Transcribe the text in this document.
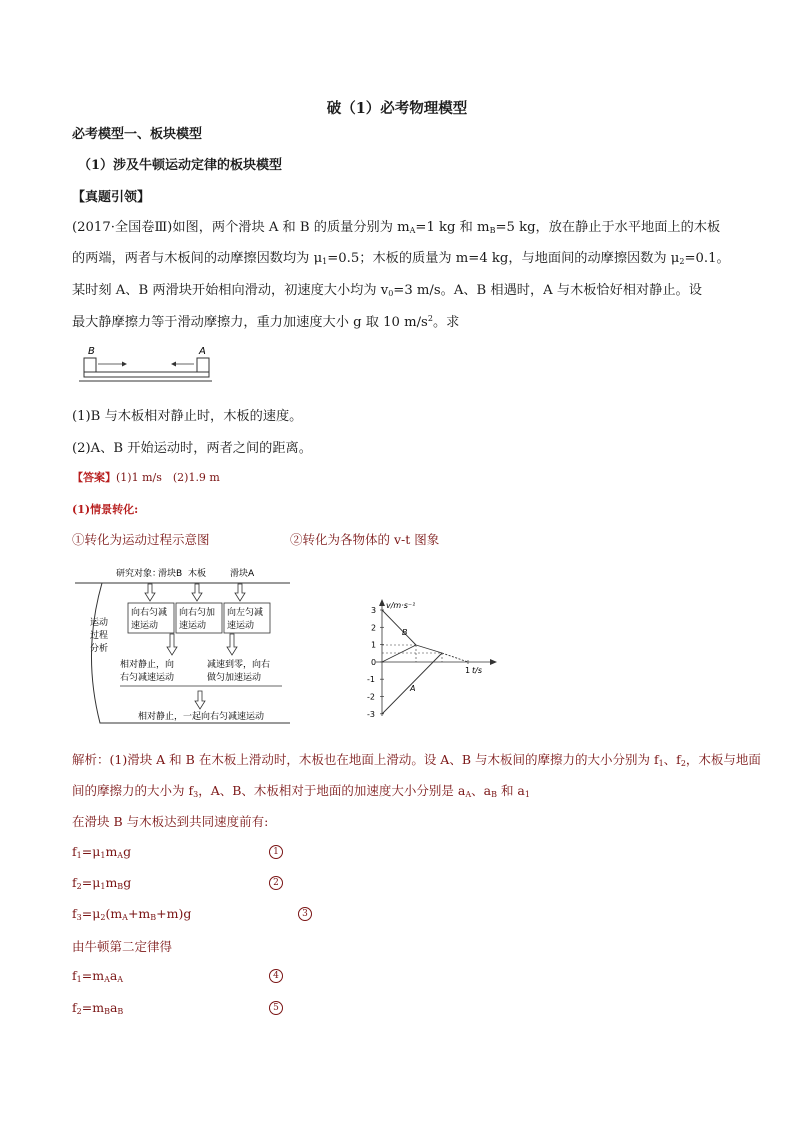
破（1）必考物理模型
必考模型一、板块模型
（1）涉及牛顿运动定律的板块模型
【真题引领】
(2017·全国卷Ⅲ)如图，两个滑块 A 和 B 的质量分别为 $m_A=1$ kg 和 $m_B=5$ kg，放在静止于水平地面上的木板
的两端，两者与木板间的动摩擦因数均为 $\mu_1=0.5$；木板的质量为 m=4 kg，与地面间的动摩擦因数为 $\mu_2=0.1$。
某时刻 A、B 两滑块开始相向滑动，初速度大小均为 $v_0=3$ m/s。A、B 相遇时，A 与木板恰好相对静止。设
最大静摩擦力等于滑动摩擦力，重力加速度大小 g 取 10 $m/s^2$。求
B	A
(1)B 与木板相对静止时，木板的速度。
(2)A、B 开始运动时，两者之间的距离。
【答案】(1)1 m/s　(2)1.9 m
(1)情景转化:
①转化为运动过程示意图	②转化为各物体的 v-t 图象
研究对象：
滑块B 木板	滑块A
运动
过程
分析
向右匀减
速运动
向右匀加
速运动
向左匀减
速运动
相对静止，向
右匀减速运动
减速到零，向右
做匀加速运动
相对静止，一起向右匀减速运动
v/m·s⁻¹
t/s
3
2
1
0
-1
-2
-3
1
B
A
解析：(1)滑块 A 和 B 在木板上滑动时，木板也在地面上滑动。设 A、B 与木板间的摩擦力的大小分别为 $f_1$、$f_2$，木板与地面
间的摩擦力的大小为 $f_3$，A、B、木板相对于地面的加速度大小分别是 $a_A$、$a_B$ 和 $a_1$
在滑块 B 与木板达到共同速度前有:
$f_1=\mu_1m_Ag$	1
$f_2=\mu_1m_Bg$	2
$f_3=\mu_2(m_A+m_B+m)g$	3
由牛顿第二定律得
$f_1=m_Aa_A$	4
$f_2=m_Ba_B$	5
